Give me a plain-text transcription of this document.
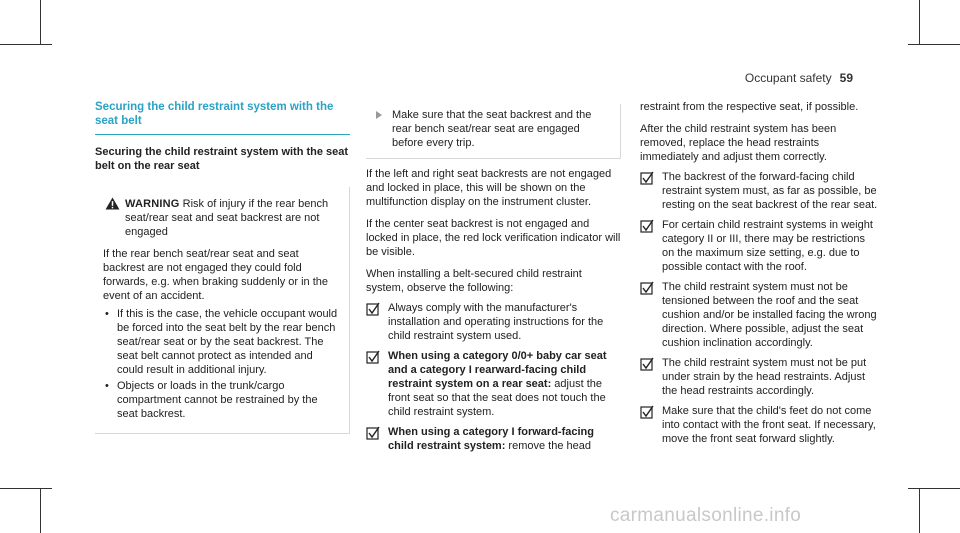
Occupant safety 59
Securing the child restraint system with the seat belt
Securing the child restraint system with the seat belt on the rear seat
WARNING Risk of injury if the rear bench seat/rear seat and seat backrest are not engaged
If the rear bench seat/rear seat and seat backrest are not engaged they could fold forwards, e.g. when braking suddenly or in the event of an accident.
• If this is the case, the vehicle occupant would be forced into the seat belt by the rear bench seat/rear seat or by the seat backrest. The seat belt cannot protect as intended and could result in additional injury.
• Objects or loads in the trunk/cargo compartment cannot be restrained by the seat backrest.
Make sure that the seat backrest and the rear bench seat/rear seat are engaged before every trip.
If the left and right seat backrests are not engaged and locked in place, this will be shown on the multifunction display on the instrument cluster.
If the center seat backrest is not engaged and locked in place, the red lock verification indicator will be visible.
When installing a belt-secured child restraint system, observe the following:
Always comply with the manufacturer's installation and operating instructions for the child restraint system used.
When using a category 0/0+ baby car seat and a category I rearward-facing child restraint system on a rear seat: adjust the front seat so that the seat does not touch the child restraint system.
When using a category I forward-facing child restraint system: remove the head
restraint from the respective seat, if possible.
After the child restraint system has been removed, replace the head restraints immediately and adjust them correctly.
The backrest of the forward-facing child restraint system must, as far as possible, be resting on the seat backrest of the rear seat.
For certain child restraint systems in weight category II or III, there may be restrictions on the maximum size setting, e.g. due to possible contact with the roof.
The child restraint system must not be tensioned between the roof and the seat cushion and/or be installed facing the wrong direction. Where possible, adjust the seat cushion inclination accordingly.
The child restraint system must not be put under strain by the head restraints. Adjust the head restraints accordingly.
Make sure that the child's feet do not come into contact with the front seat. If necessary, move the front seat forward slightly.
carmanualsonline.info
